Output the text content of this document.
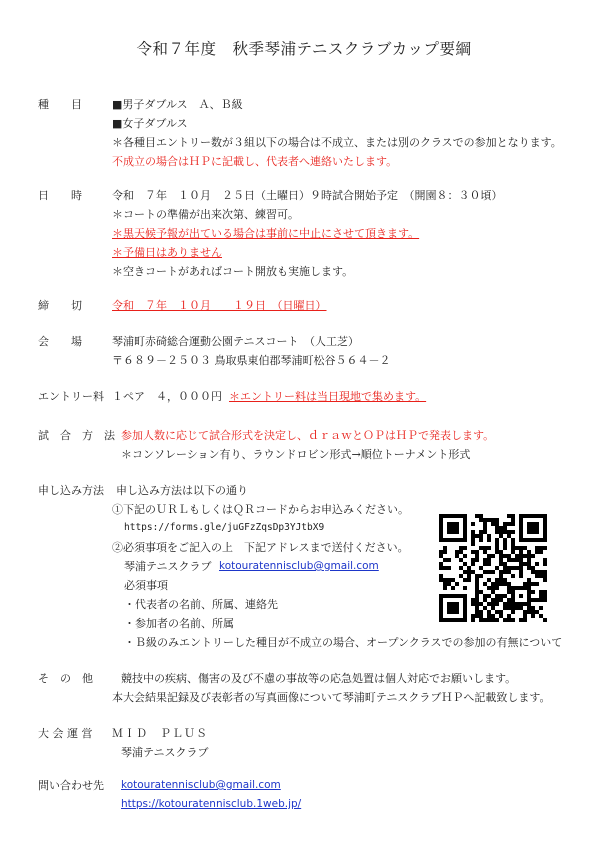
令和７年度　秋季琴浦テニスクラブカップ要綱
種　　目	■男子ダブルス　Ａ、Ｂ級
■女子ダブルス
＊各種目エントリー数が３組以下の場合は不成立、または別のクラスでの参加となります。
不成立の場合はＨＰに記載し、代表者へ連絡いたします。
日　　時	令和　７年　１０月　２５日（土曜日）９時試合開始予定　（開園８：３０頃）
＊コートの準備が出来次第、練習可。
＊黒天候予報が出ている場合は事前に中止にさせて頂きます。
＊予備日はありません
＊空きコートがあればコート開放も実施します。
締　　切	令和　７年　１０月　　１９日　（日曜日）
会　　場	琴浦町赤碕総合運動公園テニスコート　（人工芝）
〒６８９－２５０３ 鳥取県東伯郡琴浦町松谷５６４－２
エントリー料 １ペア　４，０００円 ＊エントリー料は当日現地で集めます。
試　合　方　法 参加人数に応じて試合形式を決定し、ｄｒａｗとＯＰはＨＰで発表します。
＊コンソレーション有り、ラウンドロビン形式→順位トーナメント形式
申し込み方法 申し込み方法は以下の通り
①下記のＵＲＬもしくはＱＲコードからお申込みください。
https://forms.gle/juGFzZqsDp3YJtbX9
②必須事項をご記入の上　下記アドレスまで送付ください。
琴浦テニスクラブ kotouratennisclub@gmail.com
必須事項
・代表者の名前、所属、連絡先
・参加者の名前、所属
・Ｂ級のみエントリーした種目が不成立の場合、オープンクラスでの参加の有無について
そ　の　他	競技中の疾病、傷害の及び不慮の事故等の応急処置は個人対応でお願いします。
本大会結果記録及び表彰者の写真画像について琴浦町テニスクラブＨＰへ記載致します。
大 会 運 営 ＭＩＤ　ＰＬＵＳ
琴浦テニスクラブ
問い合わせ先 kotouratennisclub@gmail.com
https://kotouratennisclub.1web.jp/
